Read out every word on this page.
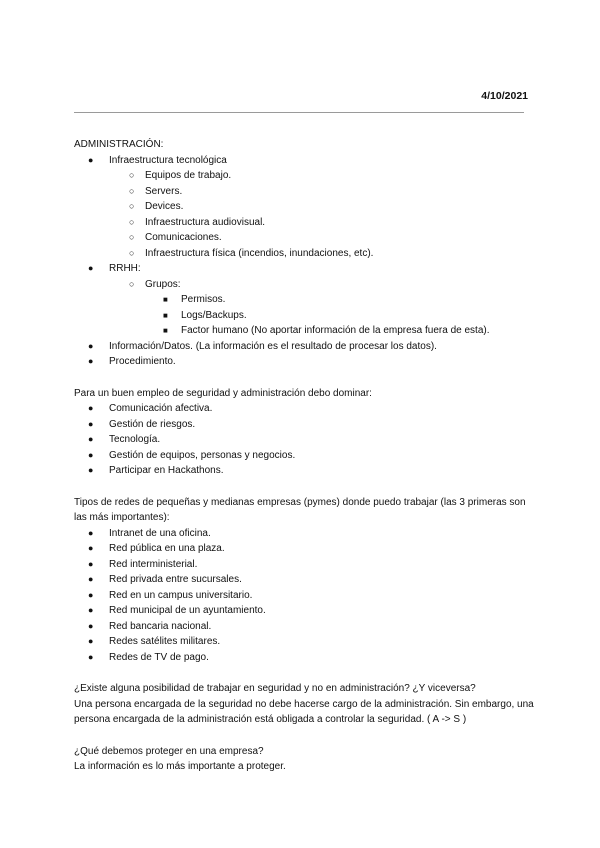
4/10/2021
ADMINISTRACIÓN:
● Infraestructura tecnológica
○ Equipos de trabajo.
○ Servers.
○ Devices.
○ Infraestructura audiovisual.
○ Comunicaciones.
○ Infraestructura física (incendios, inundaciones, etc).
● RRHH:
○ Grupos:
■ Permisos.
■ Logs/Backups.
■ Factor humano (No aportar información de la empresa fuera de esta).
● Información/Datos. (La información es el resultado de procesar los datos).
● Procedimiento.
Para un buen empleo de seguridad y administración debo dominar:
● Comunicación afectiva.
● Gestión de riesgos.
● Tecnología.
● Gestión de equipos, personas y negocios.
● Participar en Hackathons.
Tipos de redes de pequeñas y medianas empresas (pymes) donde puedo trabajar (las 3 primeras son las más importantes):
● Intranet de una oficina.
● Red pública en una plaza.
● Red interministerial.
● Red privada entre sucursales.
● Red en un campus universitario.
● Red municipal de un ayuntamiento.
● Red bancaria nacional.
● Redes satélites militares.
● Redes de TV de pago.
¿Existe alguna posibilidad de trabajar en seguridad y no en administración? ¿Y viceversa?
Una persona encargada de la seguridad no debe hacerse cargo de la administración. Sin embargo, una persona encargada de la administración está obligada a controlar la seguridad. ( A -> S )
¿Qué debemos proteger en una empresa?
La información es lo más importante a proteger.
